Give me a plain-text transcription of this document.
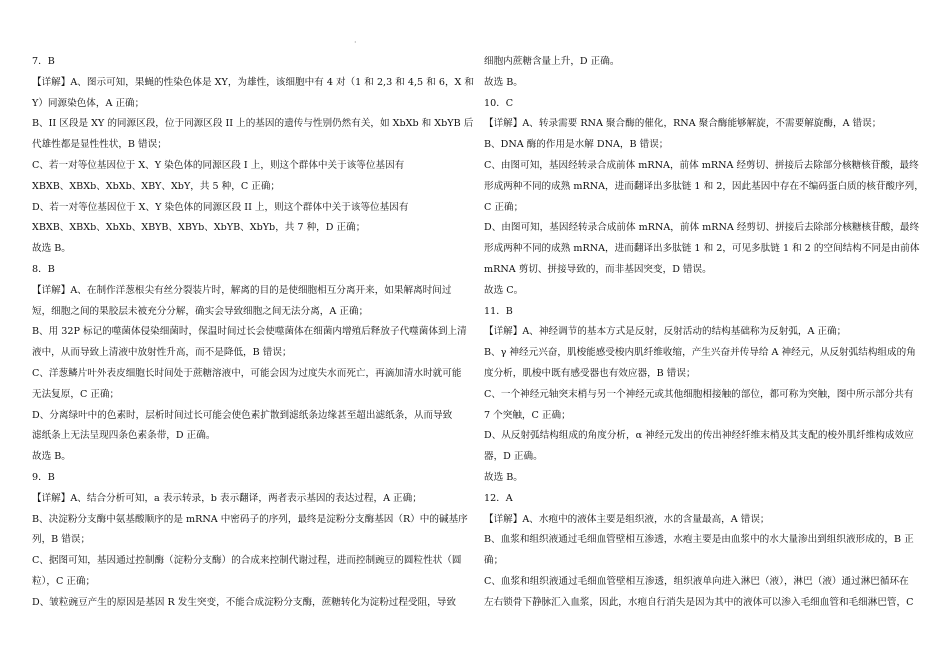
·
7．B
【详解】A、图示可知，果蝇的性染色体是 XY，为雄性，该细胞中有 4 对（1 和 2,3 和 4,5 和 6，X 和
Y）同源染色体，A 正确；
B、II 区段是 XY 的同源区段，位于同源区段 II 上的基因的遗传与性别仍然有关，如 XbXb 和 XbYB 后
代雄性都是显性性状，B 错误；
C、若一对等位基因位于 X、Y 染色体的同源区段 I 上，则这个群体中关于该等位基因有
XBXB、XBXb、XbXb、XBY、XbY，共 5 种，C 正确；
D、若一对等位基因位于 X、Y 染色体的同源区段 II 上，则这个群体中关于该等位基因有
XBXB、XBXb、XbXb、XBYB、XBYb、XbYB、XbYb，共 7 种，D 正确；
故选 B。
8．B
【详解】A、在制作洋葱根尖有丝分裂装片时，解离的目的是使细胞相互分离开来，如果解离时间过
短，细胞之间的果胶层未被充分分解，确实会导致细胞之间无法分离，A 正确；
B、用 32P 标记的噬菌体侵染细菌时，保温时间过长会使噬菌体在细菌内增殖后释放子代噬菌体到上清
液中，从而导致上清液中放射性升高，而不是降低，B 错误；
C、洋葱鳞片叶外表皮细胞长时间处于蔗糖溶液中，可能会因为过度失水而死亡，再滴加清水时就可能
无法复原，C 正确；
D、分离绿叶中的色素时，层析时间过长可能会使色素扩散到滤纸条边缘甚至超出滤纸条，从而导致
滤纸条上无法呈现四条色素条带，D 正确。
故选 B。
9．B
【详解】A、结合分析可知，a 表示转录，b 表示翻译，两者表示基因的表达过程，A 正确；
B、决淀粉分支酶中氨基酸顺序的是 mRNA 中密码子的序列，最终是淀粉分支酶基因（R）中的碱基序
列，B 错误；
C、据图可知，基因通过控制酶（淀粉分支酶）的合成来控制代谢过程，进而控制豌豆的圆粒性状（圆
粒），C 正确；
D、皱粒豌豆产生的原因是基因 R 发生突变，不能合成淀粉分支酶，蔗糖转化为淀粉过程受阻，导致
细胞内蔗糖含量上升，D 正确。
故选 B。
10．C
【详解】A、转录需要 RNA 聚合酶的催化，RNA 聚合酶能够解旋，不需要解旋酶，A 错误；
B、DNA 酶的作用是水解 DNA，B 错误；
C、由图可知，基因经转录合成前体 mRNA，前体 mRNA 经剪切、拼接后去除部分核糖核苷酸，最终
形成两种不同的成熟 mRNA，进而翻译出多肽链 1 和 2，因此基因中存在不编码蛋白质的核苷酸序列，
C 正确；
D、由图可知，基因经转录合成前体 mRNA，前体 mRNA 经剪切、拼接后去除部分核糖核苷酸，最终
形成两种不同的成熟 mRNA，进而翻译出多肽链 1 和 2，可见多肽链 1 和 2 的空间结构不同是由前体
mRNA 剪切、拼接导致的，而非基因突变，D 错误。
故选 C。
11．B
【详解】A、神经调节的基本方式是反射，反射活动的结构基础称为反射弧，A 正确；
B、γ 神经元兴奋，肌梭能感受梭内肌纤维收缩，产生兴奋并传导给 A 神经元，从反射弧结构组成的角
度分析，肌梭中既有感受器也有效应器，B 错误；
C、一个神经元轴突末梢与另一个神经元或其他细胞相接触的部位，都可称为突触，图中所示部分共有
7 个突触，C 正确；
D、从反射弧结构组成的角度分析，α 神经元发出的传出神经纤维末梢及其支配的梭外肌纤维构成效应
器，D 正确。
故选 B。
12．A
【详解】A、水疱中的液体主要是组织液，水的含量最高，A 错误；
B、血浆和组织液通过毛细血管壁相互渗透，水疱主要是由血浆中的水大量渗出到组织液形成的，B 正
确；
C、血浆和组织液通过毛细血管壁相互渗透，组织液单向进入淋巴（液），淋巴（液）通过淋巴循环在
左右锁骨下静脉汇入血浆，因此，水疱自行消失是因为其中的液体可以渗入毛细血管和毛细淋巴管，C
